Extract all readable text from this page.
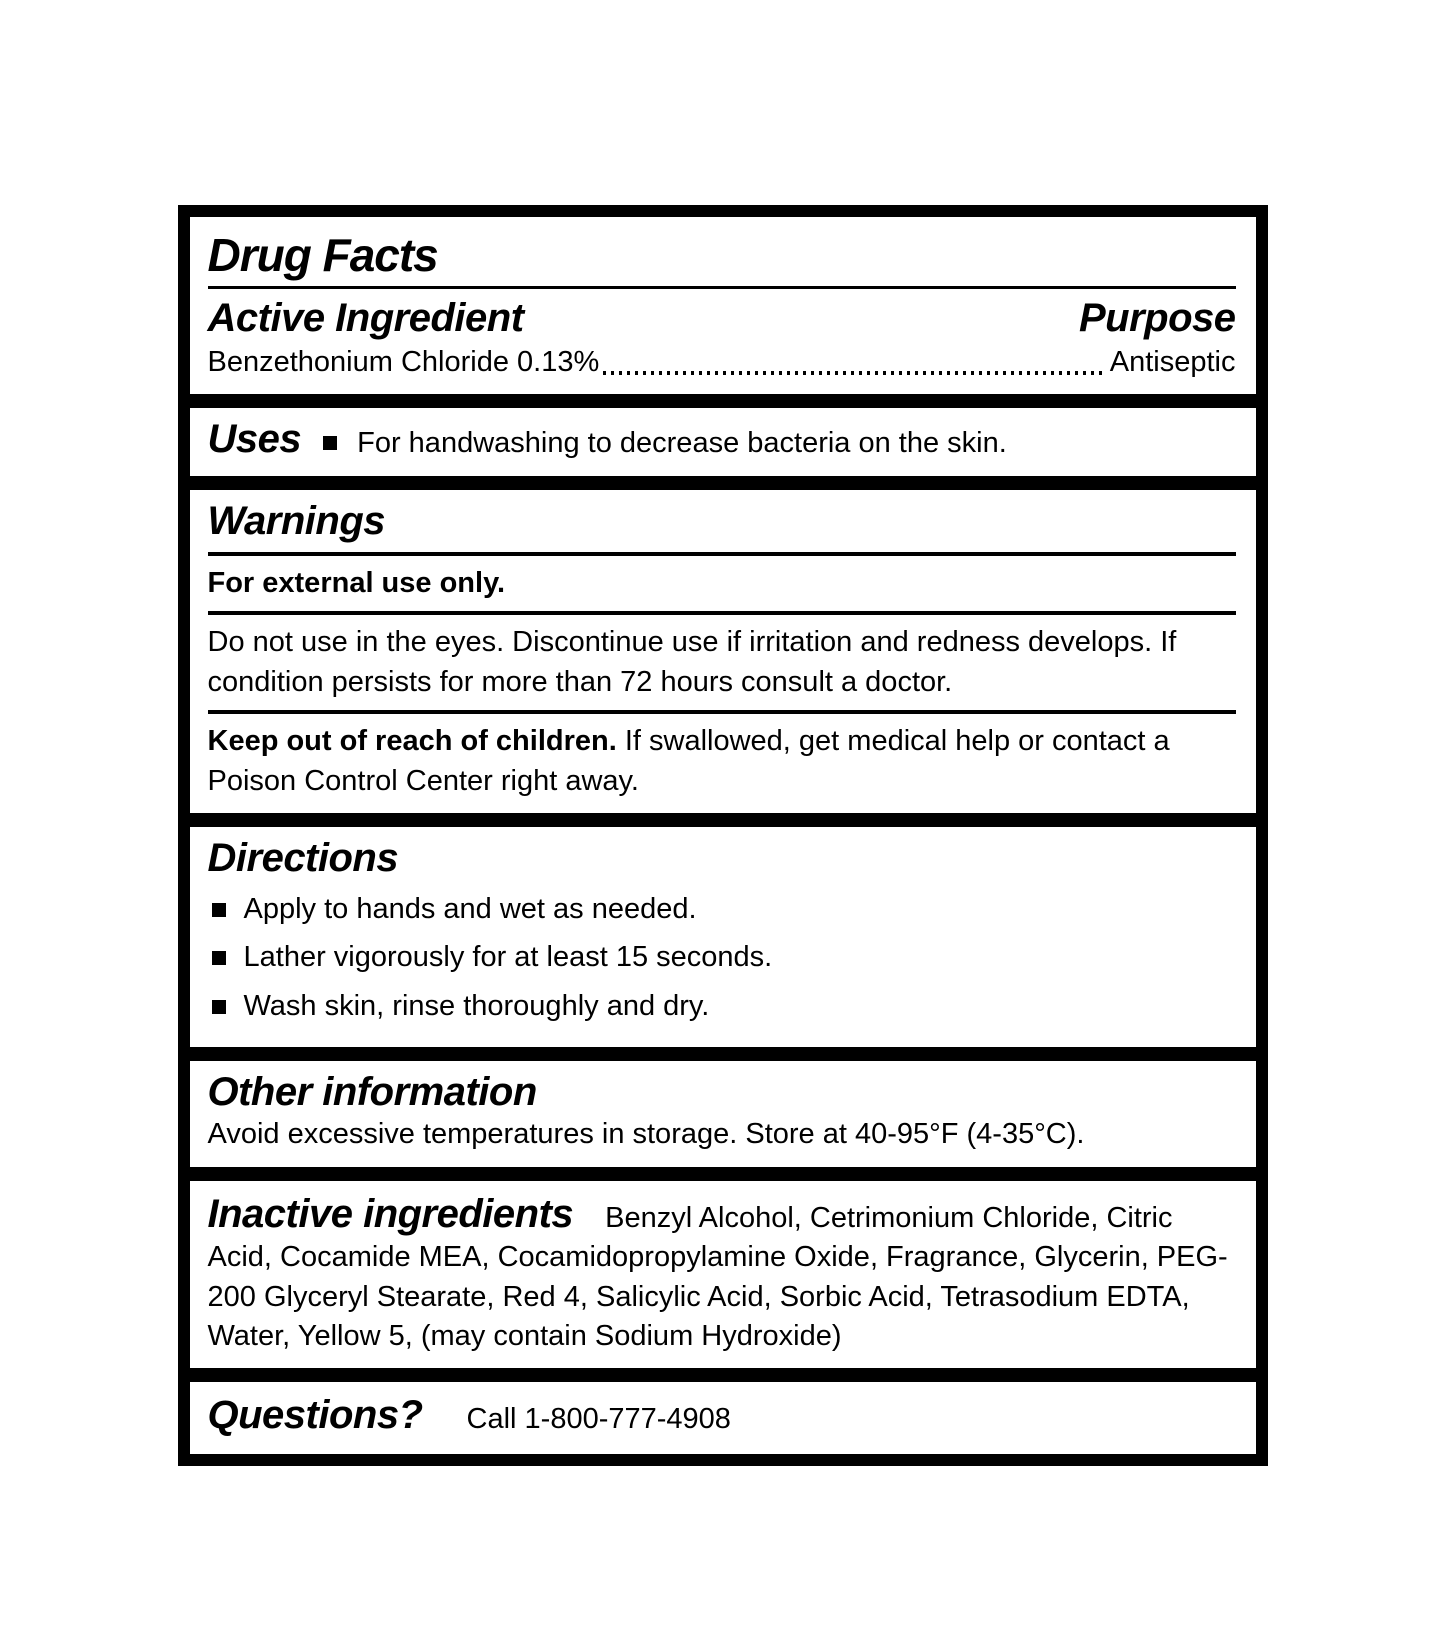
Drug Facts
Active Ingredient	Purpose
Benzethonium Chloride 0.13%	Antiseptic
Uses For handwashing to decrease bacteria on the skin.
Warnings

For external use only.

Do not use in the eyes. Discontinue use if irritation and redness develops. If condition persists for more than 72 hours consult a doctor.

Keep out of reach of children. If swallowed, get medical help or contact a Poison Control Center right away.

Directions
Apply to hands and wet as needed.
Lather vigorously for at least 15 seconds.
Wash skin, rinse thoroughly and dry.
Other information

Avoid excessive temperatures in storage. Store at 40-95°F (4-35°C).

Inactive ingredients Benzyl Alcohol, Cetrimonium Chloride, Citric Acid, Cocamide MEA, Cocamidopropylamine Oxide, Fragrance, Glycerin, PEG-200 Glyceryl Stearate, Red 4, Salicylic Acid, Sorbic Acid, Tetrasodium EDTA, Water, Yellow 5, (may contain Sodium Hydroxide)

Questions? Call 1-800-777-4908
